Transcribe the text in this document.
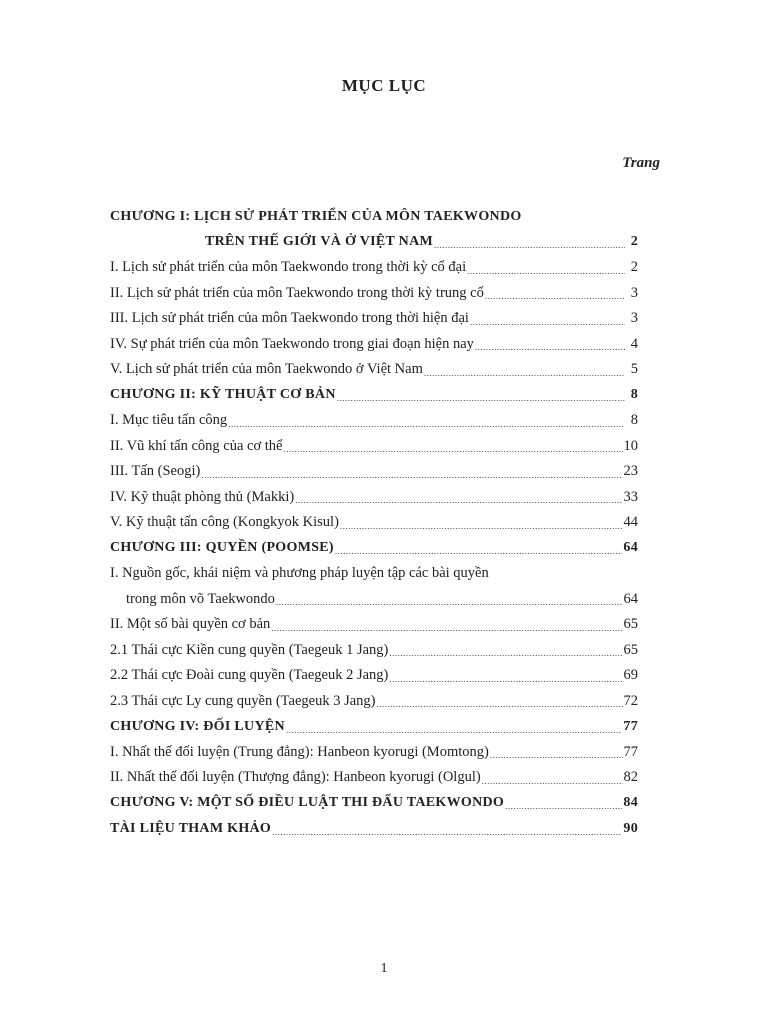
MỤC LỤC
Trang
CHƯƠNG I: LỊCH SỬ PHÁT TRIỂN CỦA MÔN TAEKWONDO
TRÊN THẾ GIỚI VÀ Ở VIỆT NAM .....	2
I. Lịch sử phát triển của môn Taekwondo trong thời kỳ cổ đại .....	2
II. Lịch sử phát triển của môn Taekwondo trong thời kỳ trung cổ .....	3
III. Lịch sử phát triển của môn Taekwondo trong thời hiện đại .....	3
IV. Sự phát triển của môn Taekwondo trong giai đoạn hiện nay .....	4
V. Lịch sử phát triển của môn Taekwondo ở Việt Nam .....	5
CHƯƠNG II: KỸ THUẬT CƠ BẢN .....	8
I. Mục tiêu tấn công .....	8
II. Vũ khí tấn công của cơ thể .....	10
III. Tấn (Seogi) .....	23
IV. Kỹ thuật phòng thủ (Makki) .....	33
V. Kỹ thuật tấn công (Kongkyok Kisul) .....	44
CHƯƠNG III: QUYỀN (POOMSE) .....	64
I. Nguồn gốc, khái niệm và phương pháp luyện tập các bài quyền
trong môn võ Taekwondo .....	64
II. Một số bài quyền cơ bản .....	65
2.1 Thái cực Kiền cung quyền (Taegeuk 1 Jang) .....	65
2.2 Thái cực Đoài cung quyền (Taegeuk 2 Jang) .....	69
2.3 Thái cực Ly cung quyền (Taegeuk 3 Jang) .....	72
CHƯƠNG IV: ĐỐI LUYỆN .....	77
I. Nhất thế đối luyện (Trung đẳng): Hanbeon kyorugi (Momtong) .....	77
II. Nhất thế đối luyện (Thượng đẳng): Hanbeon kyorugi (Olgul) .....	82
CHƯƠNG V: MỘT SỐ ĐIỀU LUẬT THI ĐẤU TAEKWONDO .....	84
TÀI LIỆU THAM KHẢO .....	90
1
